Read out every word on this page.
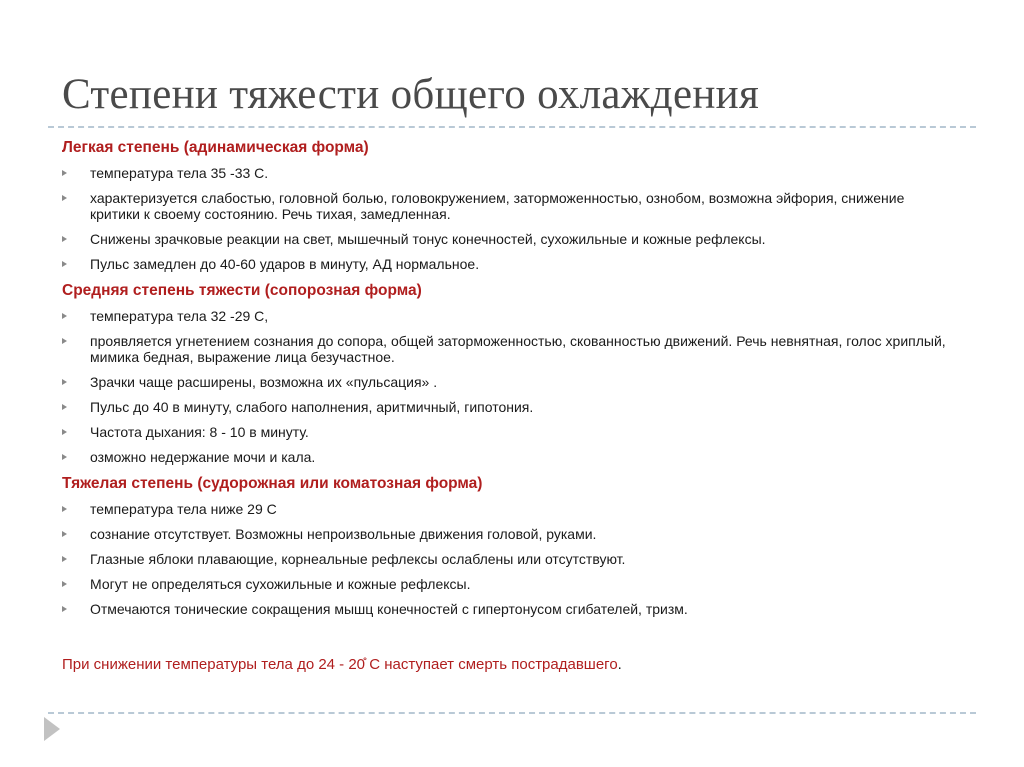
Степени тяжести общего охлаждения
Легкая степень (адинамическая форма)
температура тела 35 -33 С.
характеризуется слабостью, головной болью, головокружением, заторможенностью, ознобом, возможна эйфория, снижение критики к своему состоянию. Речь тихая, замедленная.
Снижены зрачковые реакции на свет, мышечный тонус конечностей, сухожильные и кожные рефлексы.
Пульс замедлен до 40-60 ударов в минуту, АД нормальное.
Средняя степень тяжести (сопорозная форма)
температура тела 32 -29 С,
проявляется угнетением сознания до сопора, общей заторможенностью, скованностью движений. Речь невнятная, голос хриплый, мимика бедная, выражение лица безучастное.
Зрачки чаще расширены, возможна их «пульсация» .
Пульс до 40 в минуту, слабого наполнения, аритмичный, гипотония.
Частота дыхания: 8 - 10 в минуту.
озможно недержание мочи и кала.
Тяжелая степень (судорожная или коматозная форма)
температура тела ниже 29 С
сознание отсутствует. Возможны непроизвольные движения головой, руками.
Глазные яблоки плавающие, корнеальные рефлексы ослаблены или отсутствуют.
Могут не определяться сухожильные и кожные рефлексы.
Отмечаются тонические сокращения мышц конечностей с гипертонусом сгибателей, тризм.
При снижении температуры тела до 24 - 20̊ С наступает смерть пострадавшего.
